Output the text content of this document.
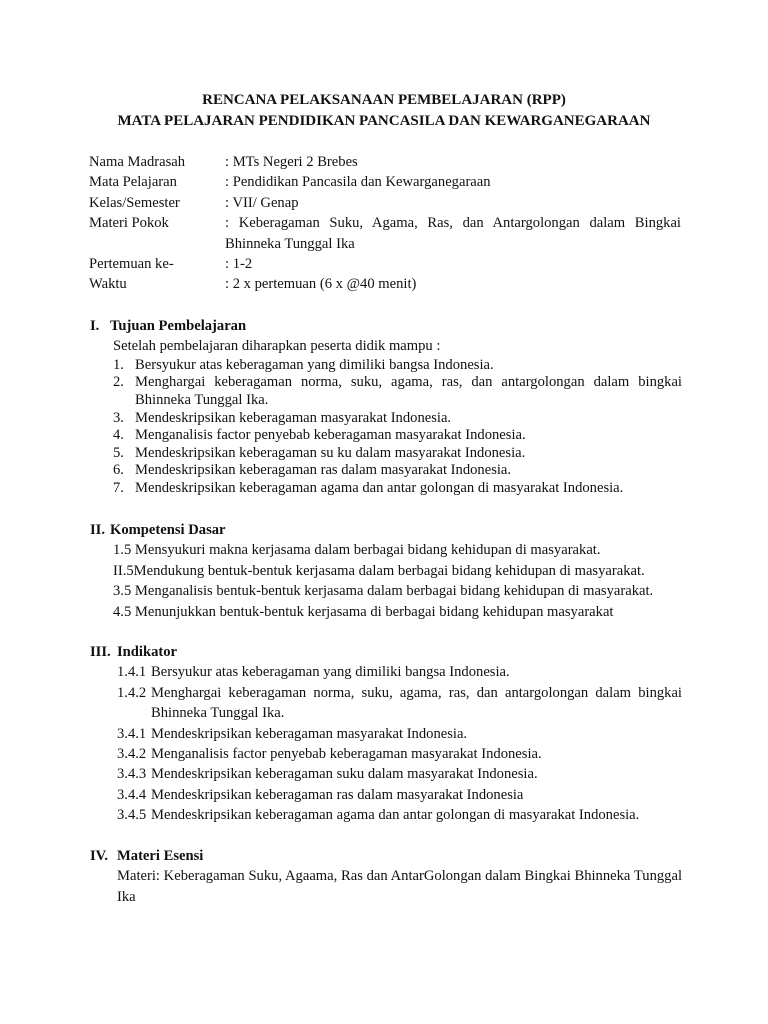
RENCANA PELAKSANAAN PEMBELAJARAN (RPP)
MATA PELAJARAN PENDIDIKAN PANCASILA DAN KEWARGANEGARAAN
Nama Madrasah	: MTs Negeri 2 Brebes
Mata Pelajaran	: Pendidikan Pancasila dan Kewarganegaraan
Kelas/Semester	: VII/ Genap
Materi Pokok	: Keberagaman Suku, Agama, Ras, dan Antargolongan dalam Bingkai Bhinneka Tunggal Ika
Pertemuan ke-	: 1-2
Waktu	: 2 x pertemuan (6 x @40 menit)
I. Tujuan Pembelajaran
Setelah pembelajaran diharapkan peserta didik mampu :
1. Bersyukur atas keberagaman yang dimiliki bangsa Indonesia.
2. Menghargai keberagaman norma, suku, agama, ras, dan antargolongan dalam bingkai Bhinneka Tunggal Ika.
3. Mendeskripsikan keberagaman masyarakat Indonesia.
4. Menganalisis factor penyebab keberagaman masyarakat Indonesia.
5. Mendeskripsikan keberagaman su ku dalam masyarakat Indonesia.
6. Mendeskripsikan keberagaman ras dalam masyarakat Indonesia.
7. Mendeskripsikan keberagaman agama dan antar golongan di masyarakat Indonesia.
II. Kompetensi Dasar
1.5 Mensyukuri makna kerjasama dalam berbagai bidang kehidupan di masyarakat.
II.5Mendukung bentuk-bentuk kerjasama dalam berbagai bidang kehidupan di masyarakat.
3.5 Menganalisis bentuk-bentuk kerjasama dalam berbagai bidang kehidupan di masyarakat.
4.5 Menunjukkan bentuk-bentuk kerjasama di berbagai bidang kehidupan masyarakat
III. Indikator
1.4.1 Bersyukur atas keberagaman yang dimiliki bangsa Indonesia.
1.4.2 Menghargai keberagaman norma, suku, agama, ras, dan antargolongan dalam bingkai Bhinneka Tunggal Ika.
3.4.1 Mendeskripsikan keberagaman masyarakat Indonesia.
3.4.2 Menganalisis factor penyebab keberagaman masyarakat Indonesia.
3.4.3 Mendeskripsikan keberagaman suku dalam masyarakat Indonesia.
3.4.4 Mendeskripsikan keberagaman ras dalam masyarakat Indonesia
3.4.5 Mendeskripsikan keberagaman agama dan antar golongan di masyarakat Indonesia.
IV. Materi Esensi
Materi: Keberagaman Suku, Agaama, Ras dan AntarGolongan dalam Bingkai Bhinneka Tunggal Ika
